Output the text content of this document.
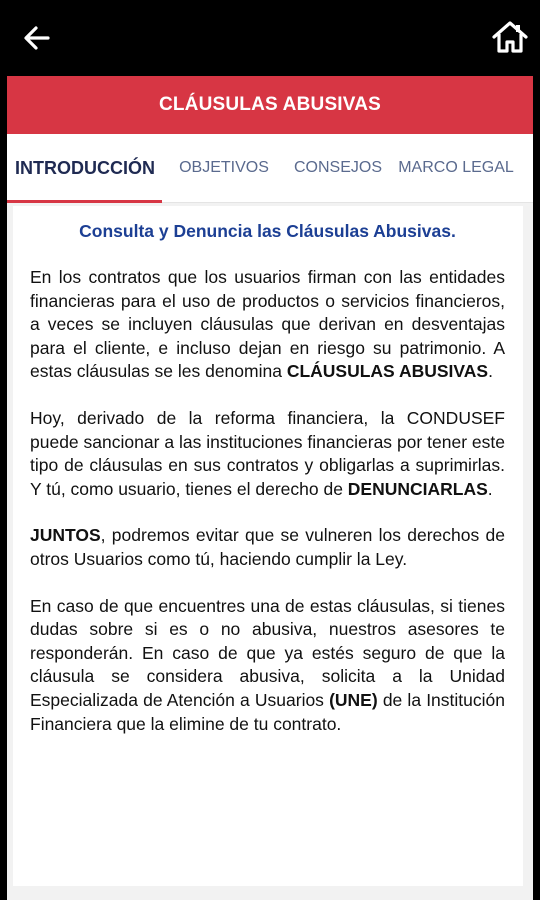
CLÁUSULAS ABUSIVAS
INTRODUCCIÓN	OBJETIVOS	CONSEJOS	MARCO LEGAL
Consulta y Denuncia las Cláusulas Abusivas.

En los contratos que los usuarios firman con las entidades financieras para el uso de productos o servicios financieros, a veces se incluyen cláusulas que derivan en desventajas para el cliente, e incluso dejan en riesgo su patrimonio. A estas cláusulas se les denomina CLÁUSULAS ABUSIVAS.

Hoy, derivado de la reforma financiera, la CONDUSEF puede sancionar a las instituciones financieras por tener este tipo de cláusulas en sus contratos y obligarlas a suprimirlas. Y tú, como usuario, tienes el derecho de DENUNCIARLAS.

JUNTOS, podremos evitar que se vulneren los derechos de otros Usuarios como tú, haciendo cumplir la Ley.

En caso de que encuentres una de estas cláusulas, si tienes dudas sobre si es o no abusiva, nuestros asesores te responderán. En caso de que ya estés seguro de que la cláusula se considera abusiva, solicita a la Unidad Especializada de Atención a Usuarios (UNE) de la Institución Financiera que la elimine de tu contrato.
